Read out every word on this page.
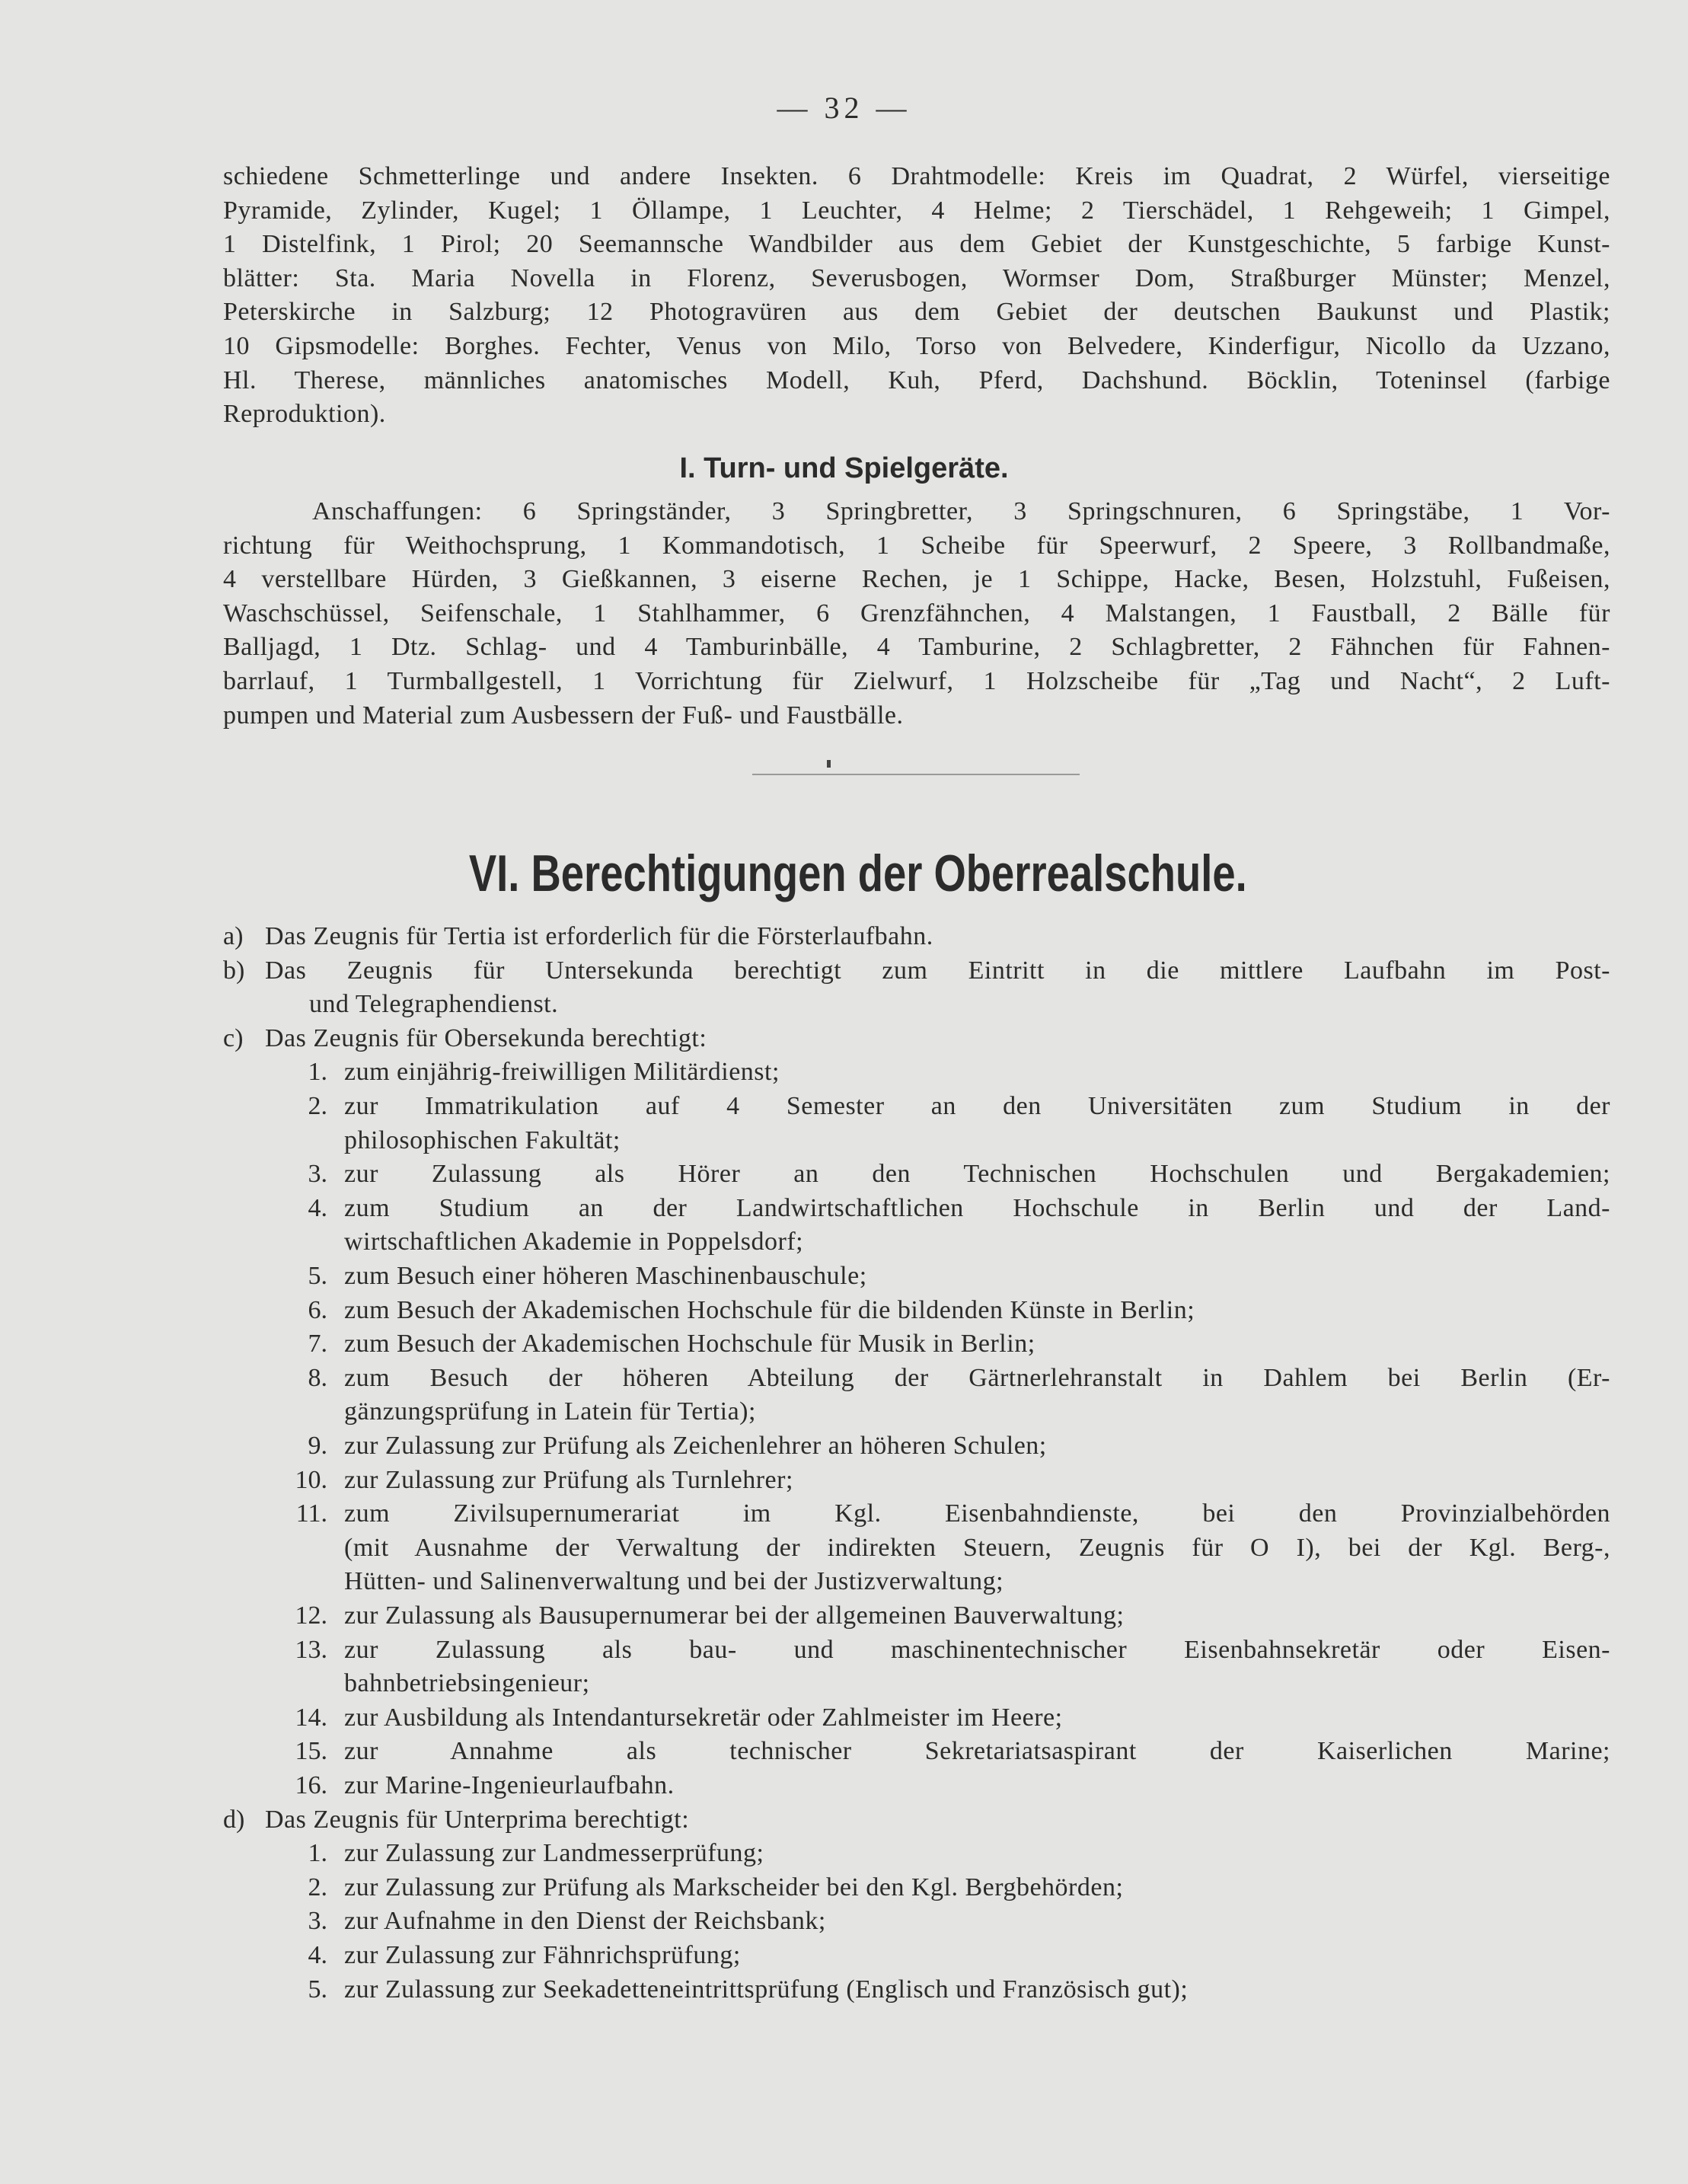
— 32 —
schiedene Schmetterlinge und andere Insekten. 6 Drahtmodelle: Kreis im Quadrat, 2 Würfel, vierseitige
Pyramide, Zylinder, Kugel; 1 Öllampe, 1 Leuchter, 4 Helme; 2 Tierschädel, 1 Rehgeweih; 1 Gimpel,
1 Distelfink, 1 Pirol; 20 Seemannsche Wandbilder aus dem Gebiet der Kunstgeschichte, 5 farbige Kunst-
blätter: Sta. Maria Novella in Florenz, Severusbogen, Wormser Dom, Straßburger Münster; Menzel,
Peterskirche in Salzburg; 12 Photogravüren aus dem Gebiet der deutschen Baukunst und Plastik;
10 Gipsmodelle: Borghes. Fechter, Venus von Milo, Torso von Belvedere, Kinderfigur, Nicollo da Uzzano,
Hl. Therese, männliches anatomisches Modell, Kuh, Pferd, Dachshund. Böcklin, Toteninsel (farbige
Reproduktion).
I. Turn- und Spielgeräte.
Anschaffungen: 6 Springständer, 3 Springbretter, 3 Springschnuren, 6 Springstäbe, 1 Vor-
richtung für Weithochsprung, 1 Kommandotisch, 1 Scheibe für Speerwurf, 2 Speere, 3 Rollbandmaße,
4 verstellbare Hürden, 3 Gießkannen, 3 eiserne Rechen, je 1 Schippe, Hacke, Besen, Holzstuhl, Fußeisen,
Waschschüssel, Seifenschale, 1 Stahlhammer, 6 Grenzfähnchen, 4 Malstangen, 1 Faustball, 2 Bälle für
Balljagd, 1 Dtz. Schlag- und 4 Tamburinbälle, 4 Tamburine, 2 Schlagbretter, 2 Fähnchen für Fahnen-
barrlauf, 1 Turmballgestell, 1 Vorrichtung für Zielwurf, 1 Holzscheibe für „Tag und Nacht“, 2 Luft-
pumpen und Material zum Ausbessern der Fuß- und Faustbälle.
VI. Berechtigungen der Oberrealschule.
a) Das Zeugnis für Tertia ist erforderlich für die Försterlaufbahn.
b) Das Zeugnis für Untersekunda berechtigt zum Eintritt in die mittlere Laufbahn im Post-
und Telegraphendienst.
c) Das Zeugnis für Obersekunda berechtigt:
1. zum einjährig-freiwilligen Militärdienst;
2. zur Immatrikulation auf 4 Semester an den Universitäten zum Studium in der
philosophischen Fakultät;
3. zur Zulassung als Hörer an den Technischen Hochschulen und Bergakademien;
4. zum Studium an der Landwirtschaftlichen Hochschule in Berlin und der Land-
wirtschaftlichen Akademie in Poppelsdorf;
5. zum Besuch einer höheren Maschinenbauschule;
6. zum Besuch der Akademischen Hochschule für die bildenden Künste in Berlin;
7. zum Besuch der Akademischen Hochschule für Musik in Berlin;
8. zum Besuch der höheren Abteilung der Gärtnerlehranstalt in Dahlem bei Berlin (Er-
gänzungsprüfung in Latein für Tertia);
9. zur Zulassung zur Prüfung als Zeichenlehrer an höheren Schulen;
10. zur Zulassung zur Prüfung als Turnlehrer;
11. zum Zivilsupernumerariat im Kgl. Eisenbahndienste, bei den Provinzialbehörden
(mit Ausnahme der Verwaltung der indirekten Steuern, Zeugnis für O I), bei der Kgl. Berg-,
Hütten- und Salinenverwaltung und bei der Justizverwaltung;
12. zur Zulassung als Bausupernumerar bei der allgemeinen Bauverwaltung;
13. zur Zulassung als bau- und maschinentechnischer Eisenbahnsekretär oder Eisen-
bahnbetriebsingenieur;
14. zur Ausbildung als Intendantursekretär oder Zahlmeister im Heere;
15. zur Annahme als technischer Sekretariatsaspirant der Kaiserlichen Marine;
16. zur Marine-Ingenieurlaufbahn.
d) Das Zeugnis für Unterprima berechtigt:
1. zur Zulassung zur Landmesserprüfung;
2. zur Zulassung zur Prüfung als Markscheider bei den Kgl. Bergbehörden;
3. zur Aufnahme in den Dienst der Reichsbank;
4. zur Zulassung zur Fähnrichsprüfung;
5. zur Zulassung zur Seekadetteneintrittsprüfung (Englisch und Französisch gut);
